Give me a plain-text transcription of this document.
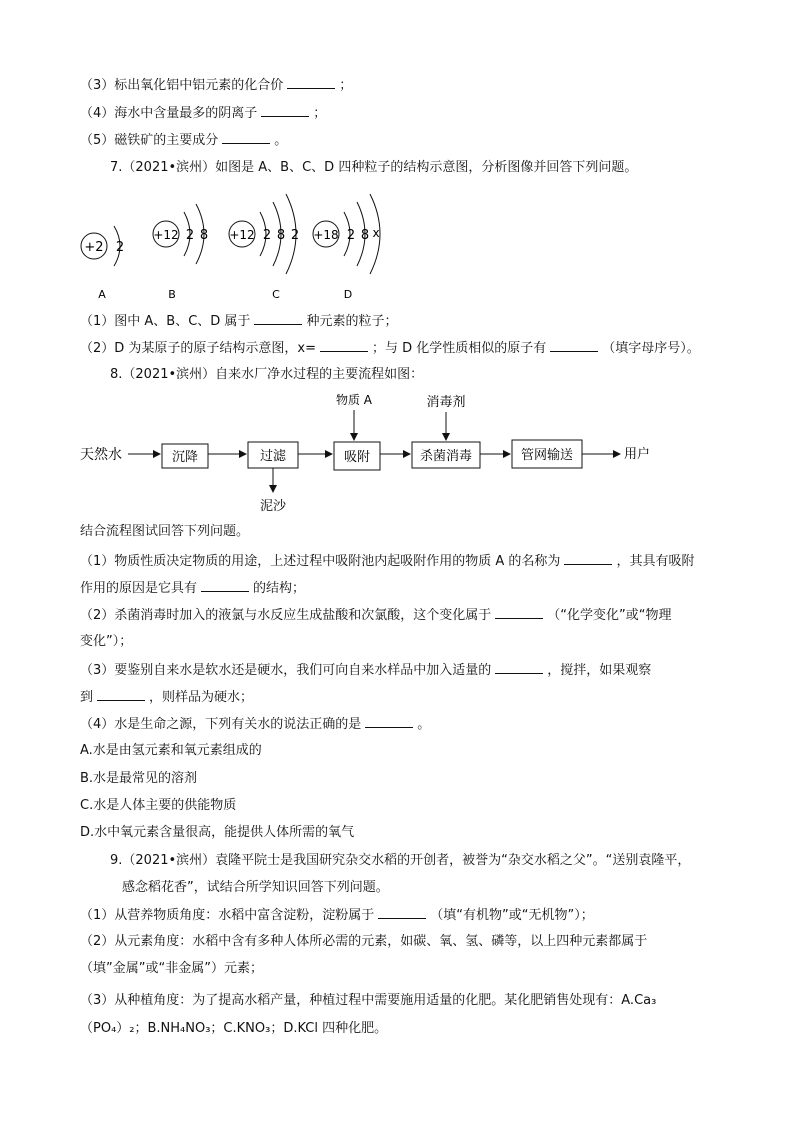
（3）标出氧化铝中铝元素的化合价	；
（4）海水中含量最多的阴离子	；
（5）磁铁矿的主要成分	。
7.（2021•滨州）如图是 A、B、C、D 四种粒子的结构示意图，分析图像并回答下列问题。
+2 2
A
+12 2 8
B
+12 2 8 2
C
+18 2 8 x
D
（1）图中 A、B、C、D 属于	种元素的粒子；
（2）D 为某原子的原子结构示意图，x=	；与 D 化学性质相似的原子有	（填字母序号）。
8.（2021•滨州）自来水厂净水过程的主要流程如图：
天然水	沉降	过滤
泥沙
吸附
物质 A
杀菌消毒
消毒剂
管网输送	用户
结合流程图试回答下列问题。
（1）物质性质决定物质的用途，上述过程中吸附池内起吸附作用的物质 A 的名称为	，其具有吸附
作用的原因是它具有	的结构；
（2）杀菌消毒时加入的液氯与水反应生成盐酸和次氯酸，这个变化属于	（“化学变化”或“物理
变化”）；
（3）要鉴别自来水是软水还是硬水，我们可向自来水样品中加入适量的	，搅拌，如果观察
到	，则样品为硬水；
（4）水是生命之源，下列有关水的说法正确的是	。
A.水是由氢元素和氧元素组成的
B.水是最常见的溶剂
C.水是人体主要的供能物质
D.水中氧元素含量很高，能提供人体所需的氧气
9.（2021•滨州）袁隆平院士是我国研究杂交水稻的开创者，被誉为“杂交水稻之父”。“送别袁隆平，
感念稻花香”，试结合所学知识回答下列问题。
（1）从营养物质角度：水稻中富含淀粉，淀粉属于	（填“有机物”或“无机物”）；
（2）从元素角度：水稻中含有多种人体所必需的元素，如碳、氧、氢、磷等，以上四种元素都属于
（填”金属”或“非金属”）元素；
（3）从种植角度：为了提高水稻产量，种植过程中需要施用适量的化肥。某化肥销售处现有：A.Ca₃
（PO₄）₂；B.NH₄NO₃；C.KNO₃；D.KCl 四种化肥。
